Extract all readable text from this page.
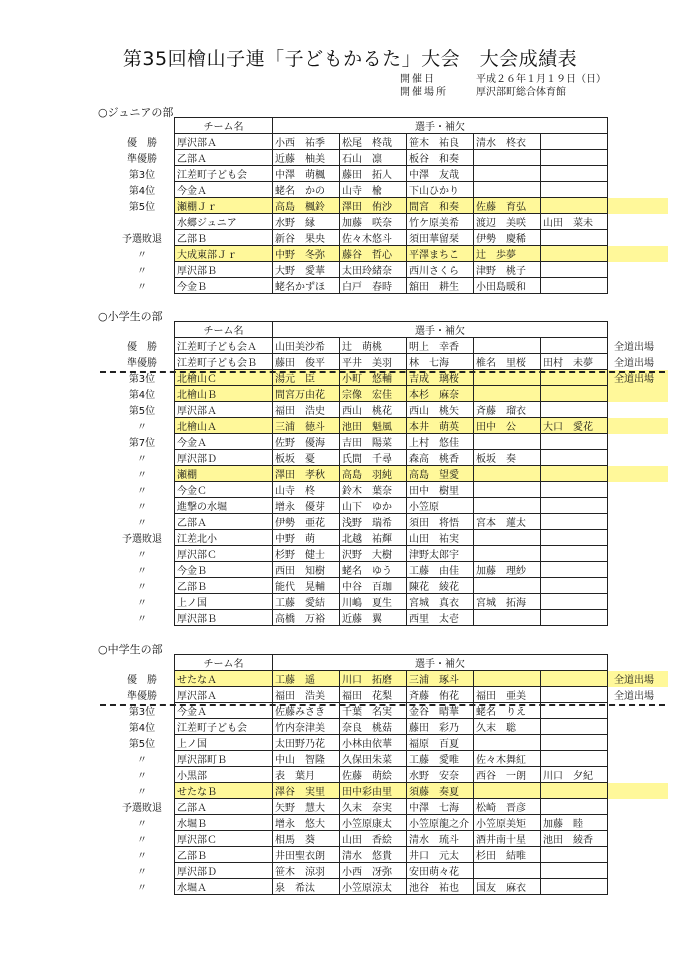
第35回檜山子連「子どもかるた」大会　大会成績表
開催日	平成２６年１月１９日（日）
開催場所	厚沢部町総合体育館
○ジュニアの部
	チーム名	選手・補欠					
優　勝	厚沢部Ａ	小西　祐季	松尾　柊哉	笹木　祐良	清水　柊衣		
準優勝	乙部Ａ	近藤　柚美	石山　凛	板谷　和奏			
第3位	江差町子ども会	中澤　萌楓	藤田　拓人	中澤　友哉			
第4位	今金Ａ	蛯名　かの	山寺　楡	下山ひかり			
第5位	瀬棚Ｊｒ	高島　楓鈴	澤田　侑沙	間宮　和奏	佐藤　育弘		
	水郷ジュニア	水野　縁	加藤　咲奈	竹ケ原美希	渡辺　美咲	山田　菜未	
予選敗退	乙部Ｂ	新谷　果央	佐々木悠斗	須田華留栞	伊勢　慶稀		
〃	大成東部Ｊｒ	中野　冬弥	藤谷　哲心	平澤まちこ	辻　歩夢		
〃	厚沢部Ｂ	大野　愛華	太田玲緒奈	西川さくら	津野　桃子		
〃	今金Ｂ	蛯名かずほ	白戸　春時	舘田　耕生	小田島暖和		
○小学生の部
	チーム名	選手・補欠					
優　勝	江差町子ども会Ａ	山田美沙希	辻　萌桃	明上　幸香			全道出場
準優勝	江差町子ども会Ｂ	藤田　俊平	平井　美羽	林　七海	椎名　里桜	田村　未夢	全道出場
第3位	北檜山Ｃ	湯元　臣	小町　悠輔	吉成　璃桜			全道出場
第4位	北檜山Ｂ	間宮万由花	宗像　宏佳	本杉　麻奈			
第5位	厚沢部Ａ	福田　浩史	西山　桃花	西山　桃矢	斉藤　瑠衣		
〃	北檜山Ａ	三浦　徳斗	池田　魁風	本井　萌英	田中　公	大口　愛花	
第7位	今金Ａ	佐野　優海	吉田　陽菜	上村　悠佳			
〃	厚沢部Ｄ	板坂　憂	氏間　千尋	森高　桃香	板坂　奏		
〃	瀬棚	澤田　孝秋	高島　羽純	高島　望愛			
〃	今金Ｃ	山寺　柊	鈴木　葉奈	田中　樹里			
〃	進撃の水堀	增永　優芽	山下　ゆか	小笠原			
〃	乙部Ａ	伊勢　亜花	浅野　瑞希	須田　将悟	宮本　蓮太		
予選敗退	江差北小	中野　萌	北越　祐輝	山田　祐実			
〃	厚沢部Ｃ	杉野　健士	沢野　大樹	津野太郎宇			
〃	今金Ｂ	西田　知樹	蛯名　ゆう	工藤　由佳	加藤　理紗		
〃	乙部Ｂ	能代　晃輔	中谷　百珈	陳花　綾花			
〃	上ノ国	工藤　愛結	川嶋　夏生	宮城　真衣	宮城　拓海		
〃	厚沢部Ｂ	高橋　万裕	近藤　翼	西里　太壱			
○中学生の部
	チーム名	選手・補欠					
優　勝	せたなＡ	工藤　遥	川口　拓磨	三浦　琢斗			全道出場
準優勝	厚沢部Ａ	福田　浩美	福田　花梨	斉藤　侑花	福田　亜美		全道出場
第3位	今金Ａ	佐藤みさき	千葉　名実	金谷　晴華	蛯名　りえ		
第4位	江差町子ども会	竹内奈津美	奈良　桃菇	藤田　彩乃	久末　聡		
第5位	上ノ国	太田野乃花	小林由依華	福原　百夏			
〃	厚沢部町Ｂ	中山　智隆	久保田朱菜	工藤　愛唯	佐々木舞紅		
〃	小黒部	表　葉月	佐藤　萌絵	水野　安奈	西谷　一朗	川口　夕紀	
〃	せたなＢ	澤谷　実里	田中彩由里	須藤　奏夏			
予選敗退	乙部Ａ	矢野　慧大	久末　奈実	中澤　七海	松崎　晋彦		
〃	水堀Ｂ	增永　悠大	小笠原康太	小笠原龍之介	小笠原美矩	加藤　睦	
〃	厚沢部Ｃ	相馬　葵	山田　香絵	清水　琉斗	酒井南十星	池田　綾香	
〃	乙部Ｂ	井田聖衣朗	清水　悠貴	井口　元太	杉田　結唯		
〃	厚沢部Ｄ	笹木　涼羽	小西　冴弥	安田萌々花			
〃	水堀Ａ	泉　希汰	小笠原涼太	池谷　祐也	国友　麻衣		
